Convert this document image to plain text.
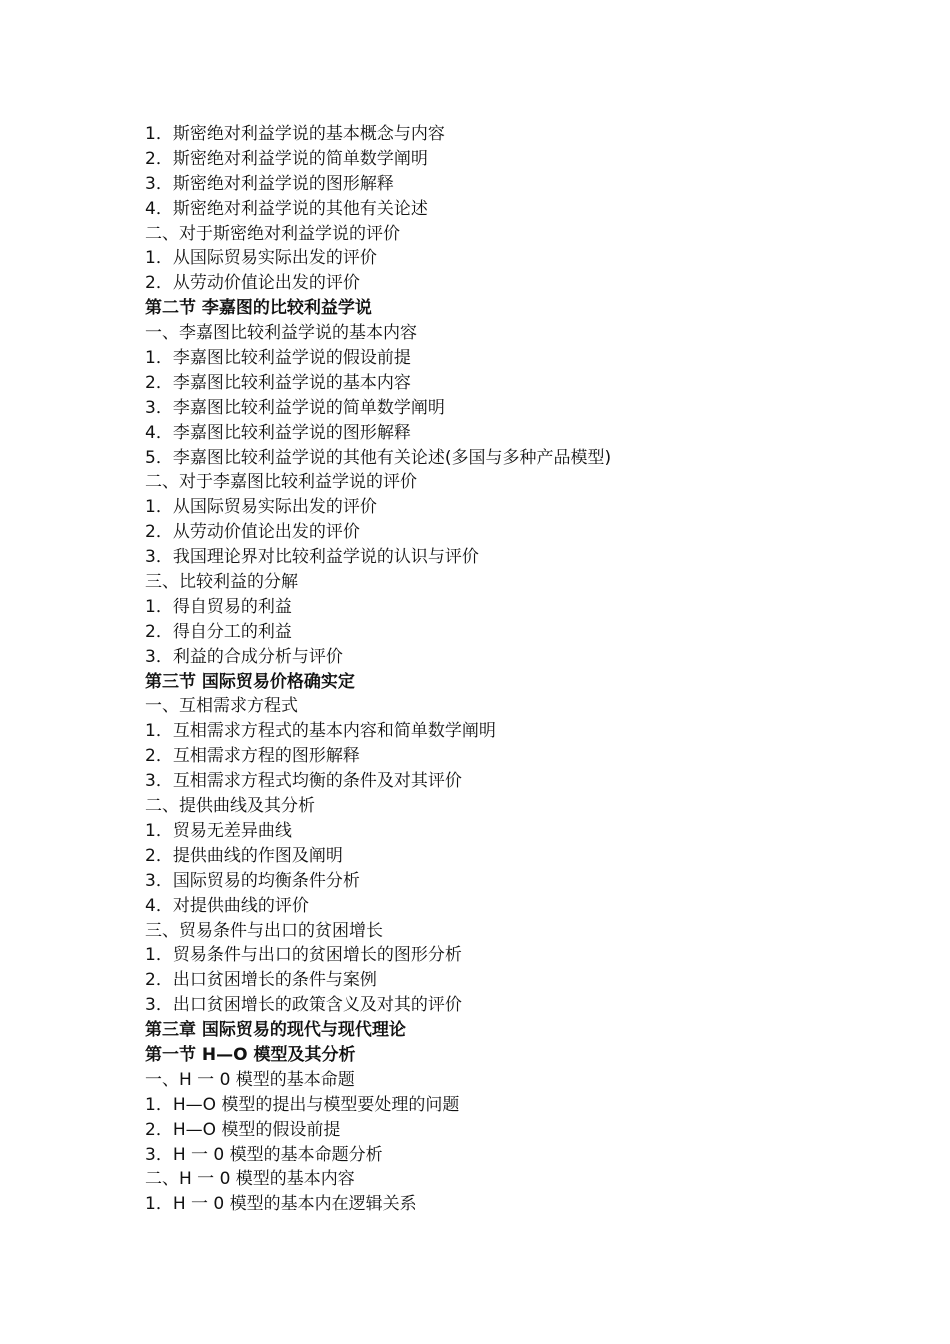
1．斯密绝对利益学说的基本概念与内容
2．斯密绝对利益学说的简单数学阐明
3．斯密绝对利益学说的图形解释
4．斯密绝对利益学说的其他有关论述
二、对于斯密绝对利益学说的评价
1．从国际贸易实际出发的评价
2．从劳动价值论出发的评价
第二节 李嘉图的比较利益学说
一、李嘉图比较利益学说的基本内容
1．李嘉图比较利益学说的假设前提
2．李嘉图比较利益学说的基本内容
3．李嘉图比较利益学说的简单数学阐明
4．李嘉图比较利益学说的图形解释
5．李嘉图比较利益学说的其他有关论述(多国与多种产品模型)
二、对于李嘉图比较利益学说的评价
1．从国际贸易实际出发的评价
2．从劳动价值论出发的评价
3．我国理论界对比较利益学说的认识与评价
三、比较利益的分解
1．得自贸易的利益
2．得自分工的利益
3．利益的合成分析与评价
第三节 国际贸易价格确实定
一、互相需求方程式
1．互相需求方程式的基本内容和简单数学阐明
2．互相需求方程的图形解释
3．互相需求方程式均衡的条件及对其评价
二、提供曲线及其分析
1．贸易无差异曲线
2．提供曲线的作图及阐明
3．国际贸易的均衡条件分析
4．对提供曲线的评价
三、贸易条件与出口的贫困增长
1．贸易条件与出口的贫困增长的图形分析
2．出口贫困增长的条件与案例
3．出口贫困增长的政策含义及对其的评价
第三章 国际贸易的现代与现代理论
第一节 H—O 模型及其分析
一、H 一 0 模型的基本命题
1．H—O 模型的提出与模型要处理的问题
2．H—O 模型的假设前提
3．H 一 0 模型的基本命题分析
二、H 一 0 模型的基本内容
1．H 一 0 模型的基本内在逻辑关系
